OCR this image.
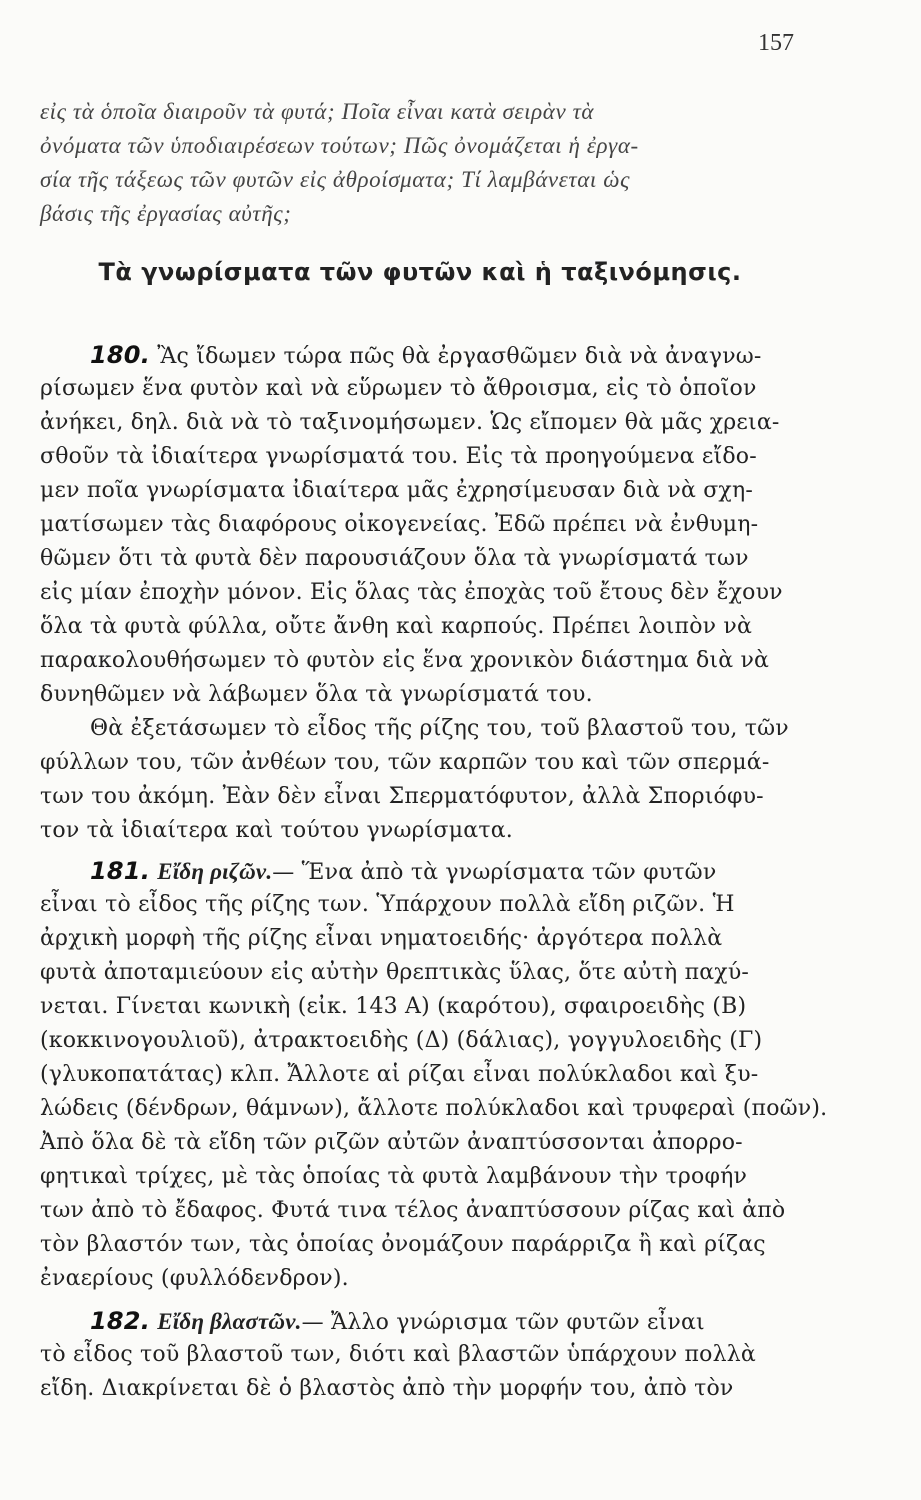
157
εἰς τὰ ὁποῖα διαιροῦν τὰ φυτά; Ποῖα εἶναι κατὰ σειρὰν τὰ
ὀνόματα τῶν ὑποδιαιρέσεων τούτων; Πῶς ὀνομάζεται ἡ ἐργα-
σία τῆς τάξεως τῶν φυτῶν εἰς ἀθροίσματα; Τί λαμβάνεται ὡς
βάσις τῆς ἐργασίας αὐτῆς;
Τὰ γνωρίσματα τῶν φυτῶν καὶ ἡ ταξινόμησις.
180. Ἂς ἴδωμεν τώρα πῶς θὰ ἐργασθῶμεν διὰ νὰ ἀναγνω-
ρίσωμεν ἕνα φυτὸν καὶ νὰ εὕρωμεν τὸ ἄθροισμα, εἰς τὸ ὁποῖον
ἀνήκει, δηλ. διὰ νὰ τὸ ταξινομήσωμεν. Ὡς εἴπομεν θὰ μᾶς χρεια-
σθοῦν τὰ ἰδιαίτερα γνωρίσματά του. Εἰς τὰ προηγούμενα εἴδο-
μεν ποῖα γνωρίσματα ἰδιαίτερα μᾶς ἐχρησίμευσαν διὰ νὰ σχη-
ματίσωμεν τὰς διαφόρους οἰκογενείας. Ἐδῶ πρέπει νὰ ἐνθυμη-
θῶμεν ὅτι τὰ φυτὰ δὲν παρουσιάζουν ὅλα τὰ γνωρίσματά των
εἰς μίαν ἐποχὴν μόνον. Εἰς ὅλας τὰς ἐποχὰς τοῦ ἔτους δὲν ἔχουν
ὅλα τὰ φυτὰ φύλλα, οὔτε ἄνθη καὶ καρπούς. Πρέπει λοιπὸν νὰ
παρακολουθήσωμεν τὸ φυτὸν εἰς ἕνα χρονικὸν διάστημα διὰ νὰ
δυνηθῶμεν νὰ λάβωμεν ὅλα τὰ γνωρίσματά του.
Θὰ ἐξετάσωμεν τὸ εἶδος τῆς ρίζης του, τοῦ βλαστοῦ του, τῶν
φύλλων του, τῶν ἀνθέων του, τῶν καρπῶν του καὶ τῶν σπερμά-
των του ἀκόμη. Ἐὰν δὲν εἶναι Σπερματόφυτον, ἀλλὰ Σποριόφυ-
τον τὰ ἰδιαίτερα καὶ τούτου γνωρίσματα.
181. Εἴδη ριζῶν.— Ἕνα ἀπὸ τὰ γνωρίσματα τῶν φυτῶν
εἶναι τὸ εἶδος τῆς ρίζης των. Ὑπάρχουν πολλὰ εἴδη ριζῶν. Ἡ
ἀρχικὴ μορφὴ τῆς ρίζης εἶναι νηματοειδής· ἀργότερα πολλὰ
φυτὰ ἀποταμιεύουν εἰς αὐτὴν θρεπτικὰς ὕλας, ὅτε αὐτὴ παχύ-
νεται. Γίνεται κωνικὴ (εἰκ. 143 Α) (καρότου), σφαιροειδὴς (Β)
(κοκκινογουλιοῦ), ἀτρακτοειδὴς (Δ) (δάλιας), γογγυλοειδὴς (Γ)
(γλυκοπατάτας) κλπ. Ἄλλοτε αἱ ρίζαι εἶναι πολύκλαδοι καὶ ξυ-
λώδεις (δένδρων, θάμνων), ἄλλοτε πολύκλαδοι καὶ τρυφεραὶ (ποῶν).
Ἀπὸ ὅλα δὲ τὰ εἴδη τῶν ριζῶν αὐτῶν ἀναπτύσσονται ἀπορρο-
φητικαὶ τρίχες, μὲ τὰς ὁποίας τὰ φυτὰ λαμβάνουν τὴν τροφήν
των ἀπὸ τὸ ἔδαφος. Φυτά τινα τέλος ἀναπτύσσουν ρίζας καὶ ἀπὸ
τὸν βλαστόν των, τὰς ὁποίας ὀνομάζουν παράρριζα ἢ καὶ ρίζας
ἐναερίους (φυλλόδενδρον).
182. Εἴδη βλαστῶν.— Ἄλλο γνώρισμα τῶν φυτῶν εἶναι
τὸ εἶδος τοῦ βλαστοῦ των, διότι καὶ βλαστῶν ὑπάρχουν πολλὰ
εἴδη. Διακρίνεται δὲ ὁ βλαστὸς ἀπὸ τὴν μορφήν του, ἀπὸ τὸν
